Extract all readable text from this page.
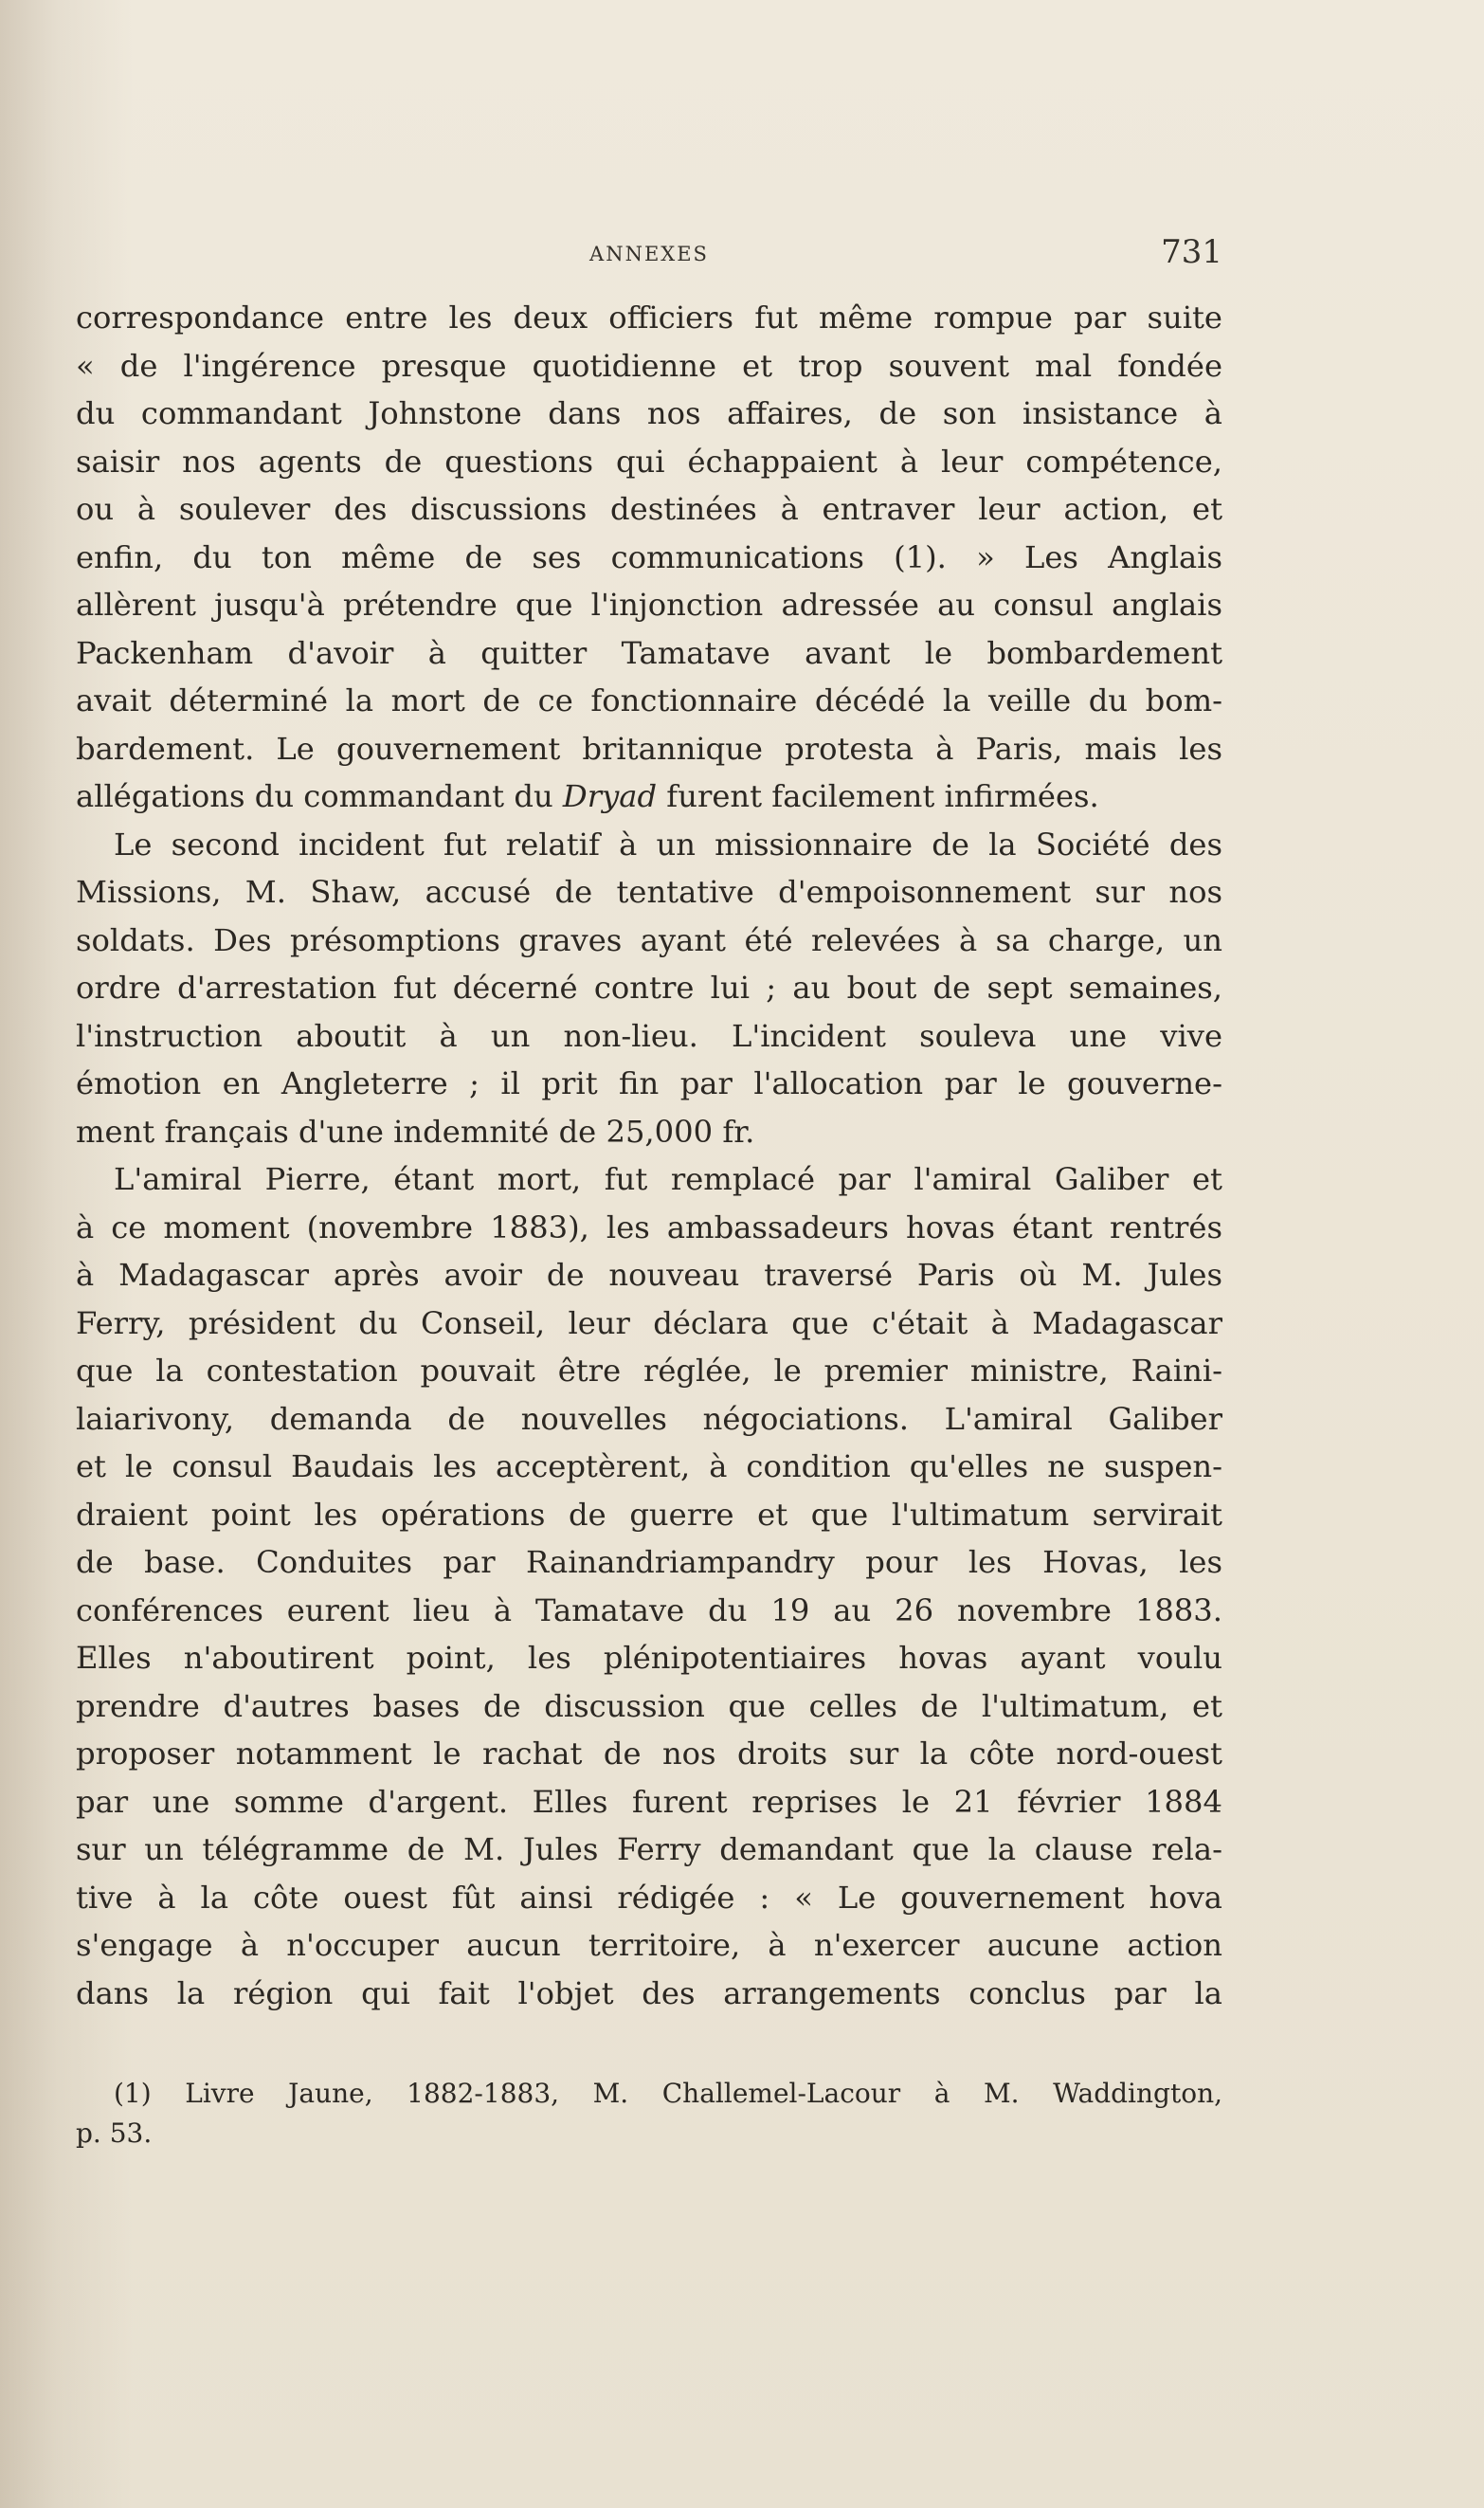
ANNEXES	731
correspondance entre les deux officiers fut même rompue par suite
« de l'ingérence presque quotidienne et trop souvent mal fondée
du commandant Johnstone dans nos affaires, de son insistance à
saisir nos agents de questions qui échappaient à leur compétence,
ou à soulever des discussions destinées à entraver leur action, et
enfin, du ton même de ses communications (1). » Les Anglais
allèrent jusqu'à prétendre que l'injonction adressée au consul anglais
Packenham d'avoir à quitter Tamatave avant le bombardement
avait déterminé la mort de ce fonctionnaire décédé la veille du bom-
bardement. Le gouvernement britannique protesta à Paris, mais les
allégations du commandant du Dryad furent facilement infirmées.
Le second incident fut relatif à un missionnaire de la Société des
Missions, M. Shaw, accusé de tentative d'empoisonnement sur nos
soldats. Des présomptions graves ayant été relevées à sa charge, un
ordre d'arrestation fut décerné contre lui ; au bout de sept semaines,
l'instruction aboutit à un non-lieu. L'incident souleva une vive
émotion en Angleterre ; il prit fin par l'allocation par le gouverne-
ment français d'une indemnité de 25,000 fr.
L'amiral Pierre, étant mort, fut remplacé par l'amiral Galiber et
à ce moment (novembre 1883), les ambassadeurs hovas étant rentrés
à Madagascar après avoir de nouveau traversé Paris où M. Jules
Ferry, président du Conseil, leur déclara que c'était à Madagascar
que la contestation pouvait être réglée, le premier ministre, Raini-
laiarivony, demanda de nouvelles négociations. L'amiral Galiber
et le consul Baudais les acceptèrent, à condition qu'elles ne suspen-
draient point les opérations de guerre et que l'ultimatum servirait
de base. Conduites par Rainandriampandry pour les Hovas, les
conférences eurent lieu à Tamatave du 19 au 26 novembre 1883.
Elles n'aboutirent point, les plénipotentiaires hovas ayant voulu
prendre d'autres bases de discussion que celles de l'ultimatum, et
proposer notamment le rachat de nos droits sur la côte nord-ouest
par une somme d'argent. Elles furent reprises le 21 février 1884
sur un télégramme de M. Jules Ferry demandant que la clause rela-
tive à la côte ouest fût ainsi rédigée : « Le gouvernement hova
s'engage à n'occuper aucun territoire, à n'exercer aucune action
dans la région qui fait l'objet des arrangements conclus par la
(1) Livre Jaune, 1882-1883, M. Challemel-Lacour à M. Waddington,
p. 53.
